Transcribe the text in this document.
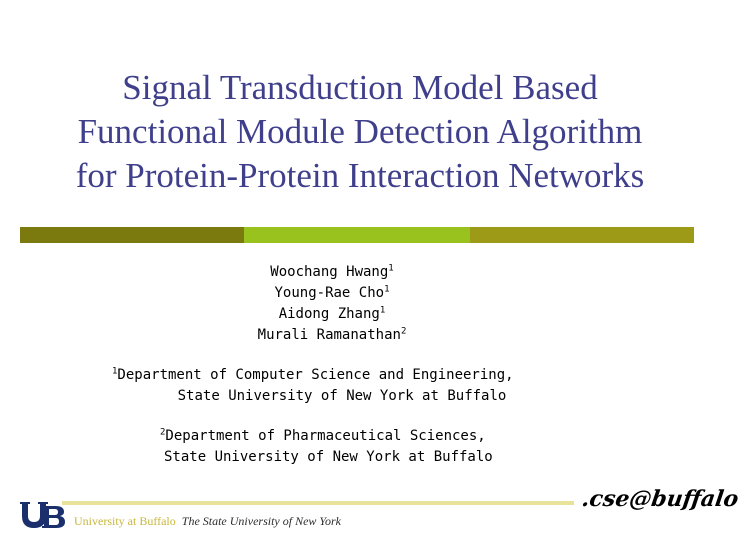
Signal Transduction Model Based
Functional Module Detection Algorithm
for Protein-Protein Interaction Networks
Woochang Hwang$^1$
Young-Rae Cho$^1$
Aidong Zhang$^1$
Murali Ramanathan$^2$
$^1$Department of Computer Science and Engineering,
State University of New York at Buffalo
$^2$Department of Pharmaceutical Sciences,
State University of New York at Buffalo
University at Buffalo The State University of New York
.cse@buffalo
